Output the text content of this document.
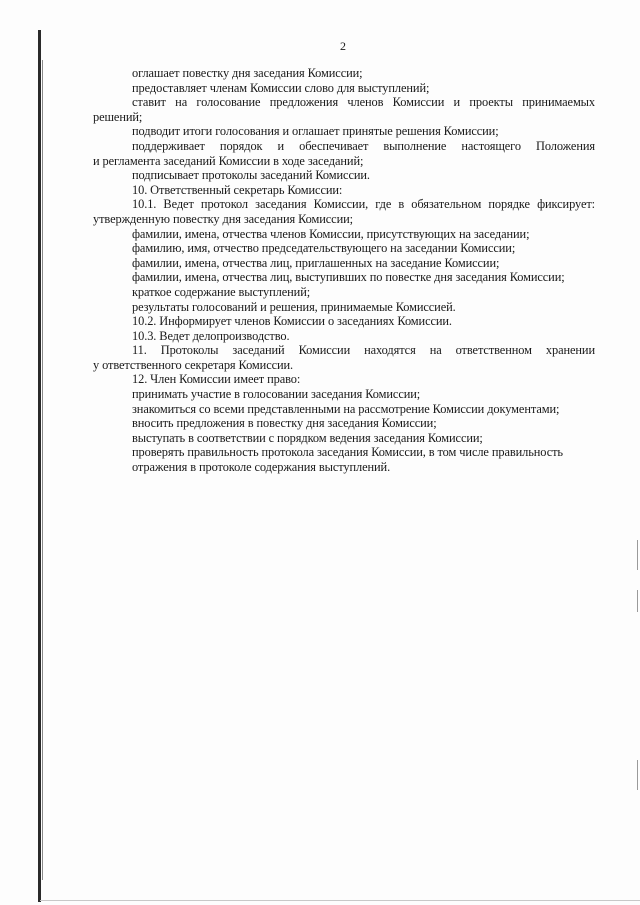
2
оглашает повестку дня заседания Комиссии;
предоставляет членам Комиссии слово для выступлений;
ставит на голосование предложения членов Комиссии и проекты принимаемых
решений;
подводит итоги голосования и оглашает принятые решения Комиссии;
поддерживает порядок и обеспечивает выполнение настоящего Положения
и регламента заседаний Комиссии в ходе заседаний;
подписывает протоколы заседаний Комиссии.
10. Ответственный секретарь Комиссии:
10.1. Ведет протокол заседания Комиссии, где в обязательном порядке фиксирует:
утвержденную повестку дня заседания Комиссии;
фамилии, имена, отчества членов Комиссии, присутствующих на заседании;
фамилию, имя, отчество председательствующего на заседании Комиссии;
фамилии, имена, отчества лиц, приглашенных на заседание Комиссии;
фамилии, имена, отчества лиц, выступивших по повестке дня заседания Комиссии;
краткое содержание выступлений;
результаты голосований и решения, принимаемые Комиссией.
10.2. Информирует членов Комиссии о заседаниях Комиссии.
10.3. Ведет делопроизводство.
11. Протоколы заседаний Комиссии находятся на ответственном хранении
у ответственного секретаря Комиссии.
12. Член Комиссии имеет право:
принимать участие в голосовании заседания Комиссии;
знакомиться со всеми представленными на рассмотрение Комиссии документами;
вносить предложения в повестку дня заседания Комиссии;
выступать в соответствии с порядком ведения заседания Комиссии;
проверять правильность протокола заседания Комиссии, в том числе правильность
отражения в протоколе содержания выступлений.
